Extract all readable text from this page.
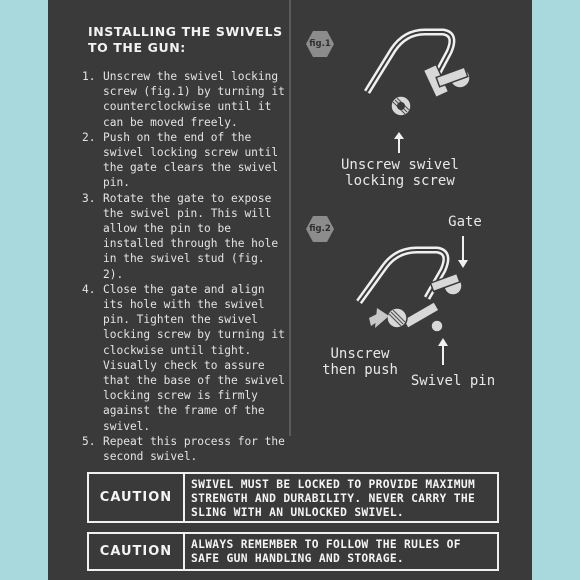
INSTALLING THE SWIVELS TO THE GUN:
1. Unscrew the swivel locking screw (fig.1) by turning it counterclockwise until it can be moved freely.
2. Push on the end of the swivel locking screw until the gate clears the swivel pin.
3. Rotate the gate to expose the swivel pin. This will allow the pin to be installed through the hole in the swivel stud (fig. 2).
4. Close the gate and align its hole with the swivel pin. Tighten the swivel locking screw by turning it clockwise until tight. Visually check to assure that the base of the swivel locking screw is firmly against the frame of the swivel.
5. Repeat this process for the second swivel.
fig.1
Unscrew swivel
locking screw
fig.2	Gate
Unscrew
then push
Swivel pin
CAUTION
SWIVEL MUST BE LOCKED TO PROVIDE MAXIMUM STRENGTH AND DURABILITY. NEVER CARRY THE SLING WITH AN UNLOCKED SWIVEL.
CAUTION	ALWAYS REMEMBER TO FOLLOW THE RULES OF SAFE GUN HANDLING AND STORAGE.
